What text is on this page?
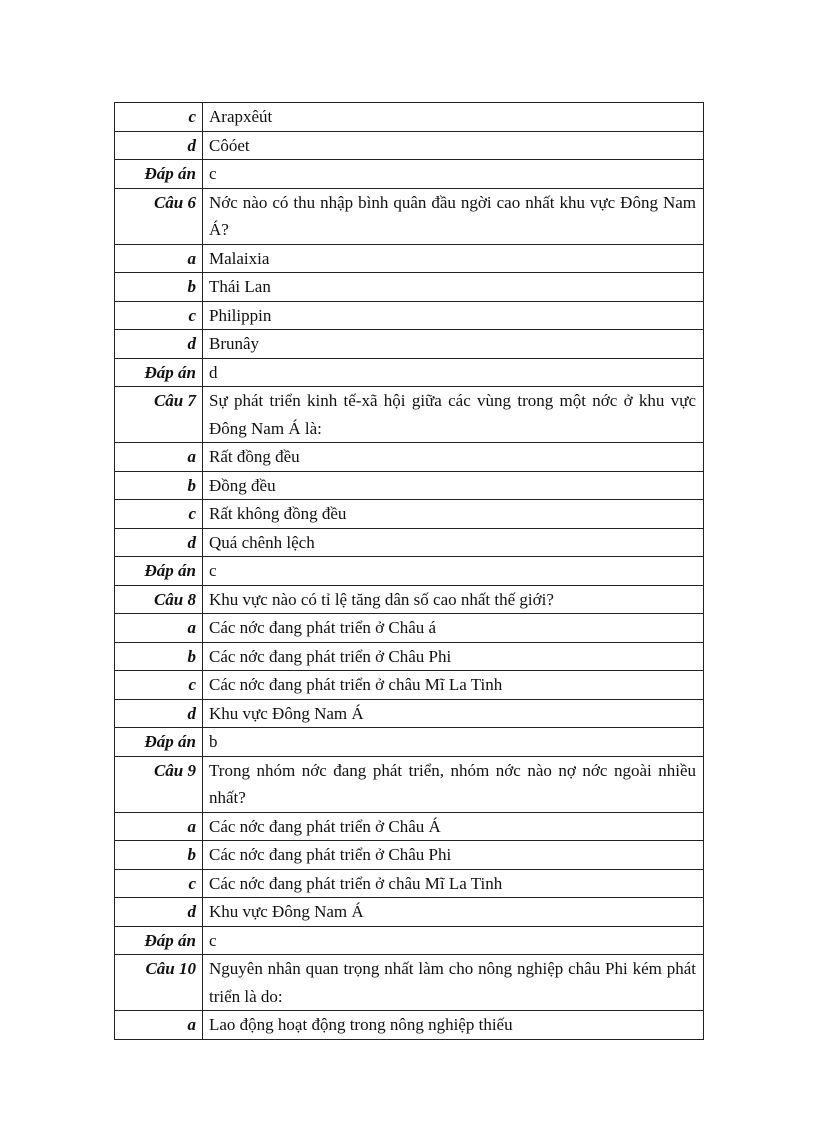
c	Arapxêút
d	Côóet
Đáp án	c
Câu 6	Nớc nào có thu nhập bình quân đầu ngời cao nhất khu vực Đông Nam Á?
a	Malaixia
b	Thái Lan
c	Philippin
d	Brunây
Đáp án	d
Câu 7	Sự phát triển kinh tế-xã hội giữa các vùng trong một nớc ở khu vực Đông Nam Á là:
a	Rất đồng đều
b	Đồng đều
c	Rất không đồng đều
d	Quá chênh lệch
Đáp án	c
Câu 8	Khu vực nào có tỉ lệ tăng dân số cao nhất thế giới?
a	Các nớc đang phát triển ở Châu á
b	Các nớc đang phát triển ở Châu Phi
c	Các nớc đang phát triển ở châu Mĩ La Tinh
d	Khu vực Đông Nam Á
Đáp án	b
Câu 9	Trong nhóm nớc đang phát triển, nhóm nớc nào nợ nớc ngoài nhiều nhất?
a	Các nớc đang phát triển ở Châu Á
b	Các nớc đang phát triển ở Châu Phi
c	Các nớc đang phát triển ở châu Mĩ La Tinh
d	Khu vực Đông Nam Á
Đáp án	c
Câu 10	Nguyên nhân quan trọng nhất làm cho nông nghiệp châu Phi kém phát triển là do:
a	Lao động hoạt động trong nông nghiệp thiếu
